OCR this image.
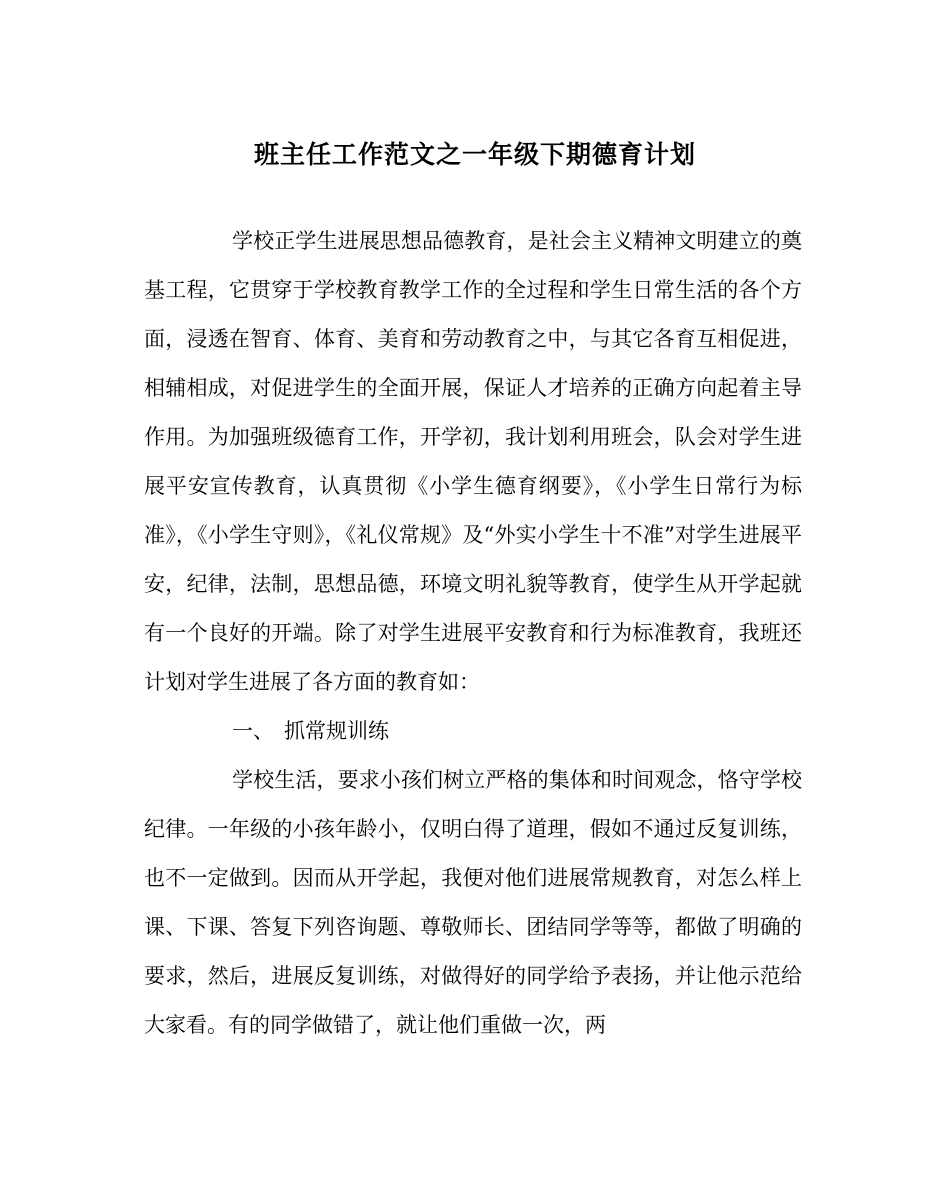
班主任工作范文之一年级下期德育计划

学校正学生进展思想品德教育，是社会主义精神文明建立的奠基工程，它贯穿于学校教育教学工作的全过程和学生日常生活的各个方面，浸透在智育、体育、美育和劳动教育之中，与其它各育互相促进，相辅相成，对促进学生的全面开展，保证人才培养的正确方向起着主导作用。为加强班级德育工作，开学初，我计划利用班会，队会对学生进展平安宣传教育，认真贯彻《小学生德育纲要》，《小学生日常行为标准》，《小学生守则》，《礼仪常规》及“外实小学生十不准”对学生进展平安，纪律，法制，思想品德，环境文明礼貌等教育，使学生从开学起就有一个良好的开端。除了对学生进展平安教育和行为标准教育，我班还计划对学生进展了各方面的教育如：

一、 抓常规训练

学校生活，要求小孩们树立严格的集体和时间观念，恪守学校纪律。一年级的小孩年龄小，仅明白得了道理，假如不通过反复训练，也不一定做到。因而从开学起，我便对他们进展常规教育，对怎么样上课、下课、答复下列咨询题、尊敬师长、团结同学等等，都做了明确的要求，然后，进展反复训练，对做得好的同学给予表扬，并让他示范给大家看。有的同学做错了，就让他们重做一次，两
